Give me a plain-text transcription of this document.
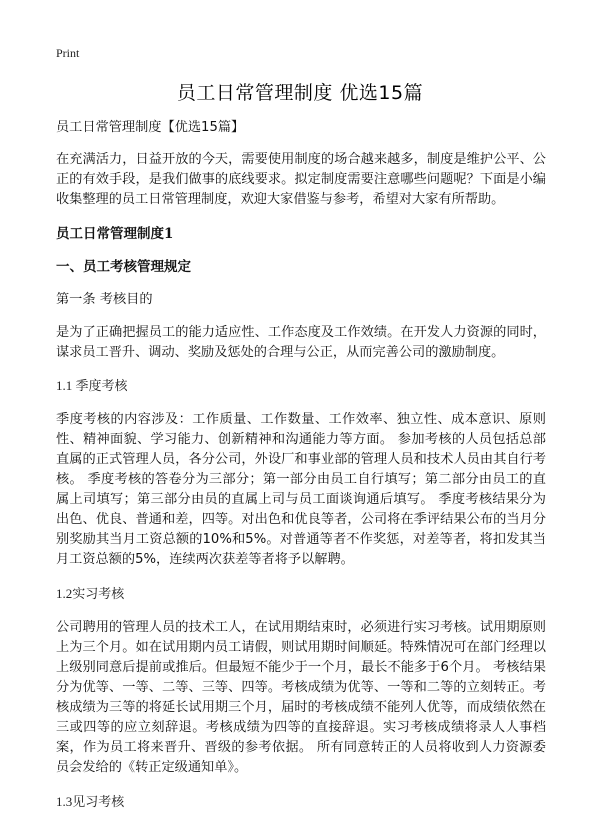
Print
员工日常管理制度 优选15篇

员工日常管理制度【优选15篇】

在充满活力，日益开放的今天，需要使用制度的场合越来越多，制度是维护公平、公正的有效手段，是我们做事的底线要求。拟定制度需要注意哪些问题呢？下面是小编收集整理的员工日常管理制度，欢迎大家借鉴与参考，希望对大家有所帮助。

员工日常管理制度1

一、员工考核管理规定

第一条 考核目的

是为了正确把握员工的能力适应性、工作态度及工作效绩。在开发人力资源的同时，谋求员工晋升、调动、奖励及惩处的合理与公正，从而完善公司的激励制度。

1.1 季度考核

季度考核的内容涉及：工作质量、工作数量、工作效率、独立性、成本意识、原则性、精神面貌、学习能力、创新精神和沟通能力等方面。 参加考核的人员包括总部直属的正式管理人员，各分公司，外设厂和事业部的管理人员和技术人员由其自行考核。 季度考核的答卷分为三部分；第一部分由员工自行填写；第二部分由员工的直属上司填写；第三部分由员的直属上司与员工面谈询通后填写。 季度考核结果分为出色、优良、普通和差，四等。对出色和优良等者，公司将在季评结果公布的当月分别奖励其当月工资总额的10%和5%。对普通等者不作奖惩，对差等者，将扣发其当月工资总额的5%，连续两次获差等者将予以解聘。

1.2实习考核

公司聘用的管理人员的技术工人，在试用期结束时，必须进行实习考核。试用期原则上为三个月。如在试用期内员工请假，则试用期时间顺延。特殊情况可在部门经理以上级别同意后提前或推后。但最短不能少于一个月，最长不能多于6个月。 考核结果分为优等、一等、二等、三等、四等。考核成绩为优等、一等和二等的立刻转正。考核成绩为三等的将延长试用期三个月，届时的考核成绩不能列人优等，而成绩依然在三或四等的应立刻辞退。考核成绩为四等的直接辞退。实习考核成绩将录人人事档案，作为员工将来晋升、晋级的参考依据。 所有同意转正的人员将收到人力资源委员会发给的《转正定级通知单》。

1.3见习考核
